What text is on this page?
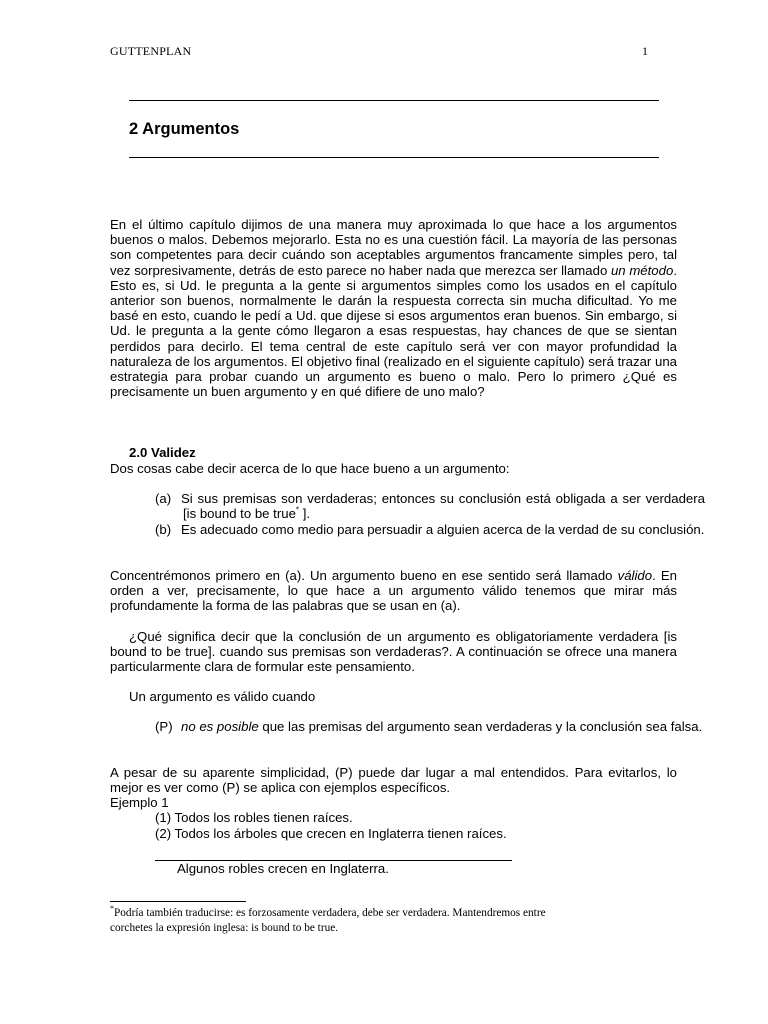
GUTTENPLAN	1
2 Argumentos

En el último capítulo dijimos de una manera muy aproximada lo que hace a los argumentos buenos o malos. Debemos mejorarlo. Esta no es una cuestión fácil. La mayoría de las personas son competentes para decir cuándo son aceptables argumentos francamente simples pero, tal vez sorpresivamente, detrás de esto parece no haber nada que merezca ser llamado un método. Esto es, si Ud. le pregunta a la gente si argumentos simples como los usados en el capítulo anterior son buenos, normalmente le darán la respuesta correcta sin mucha dificultad. Yo me basé en esto, cuando le pedí a Ud. que dijese si esos argumentos eran buenos. Sin embargo, si Ud. le pregunta a la gente cómo llegaron a esas respuestas, hay chances de que se sientan perdidos para decirlo. El tema central de este capítulo será ver con mayor profundidad la naturaleza de los argumentos. El objetivo final (realizado en el siguiente capítulo) será trazar una estrategia para probar cuando un argumento es bueno o malo. Pero lo primero ¿Qué es precisamente un buen argumento y en qué difiere de uno malo?

2.0 Validez

Dos cosas cabe decir acerca de lo que hace bueno a un argumento:

(a) Si sus premisas son verdaderas; entonces su conclusión está obligada a ser verdadera [is bound to be true* ].

(b) Es adecuado como medio para persuadir a alguien acerca de la verdad de su conclusión.

Concentrémonos primero en (a). Un argumento bueno en ese sentido será llamado válido. En orden a ver, precisamente, lo que hace a un argumento válido tenemos que mirar más profundamente la forma de las palabras que se usan en (a).

¿Qué significa decir que la conclusión de un argumento es obligatoriamente verdadera [is bound to be true]. cuando sus premisas son verdaderas?. A continuación se ofrece una manera particularmente clara de formular este pensamiento.

Un argumento es válido cuando

(P) no es posible que las premisas del argumento sean verdaderas y la conclusión sea falsa.

A pesar de su aparente simplicidad, (P) puede dar lugar a mal entendidos. Para evitarlos, lo mejor es ver como (P) se aplica con ejemplos específicos.

Ejemplo 1

(1) Todos los robles tienen raíces.

(2) Todos los árboles que crecen en Inglaterra tienen raíces.

Algunos robles crecen en Inglaterra.

*Podría también traducirse: es forzosamente verdadera, debe ser verdadera. Mantendremos entre
corchetes la expresión inglesa: is bound to be true.
